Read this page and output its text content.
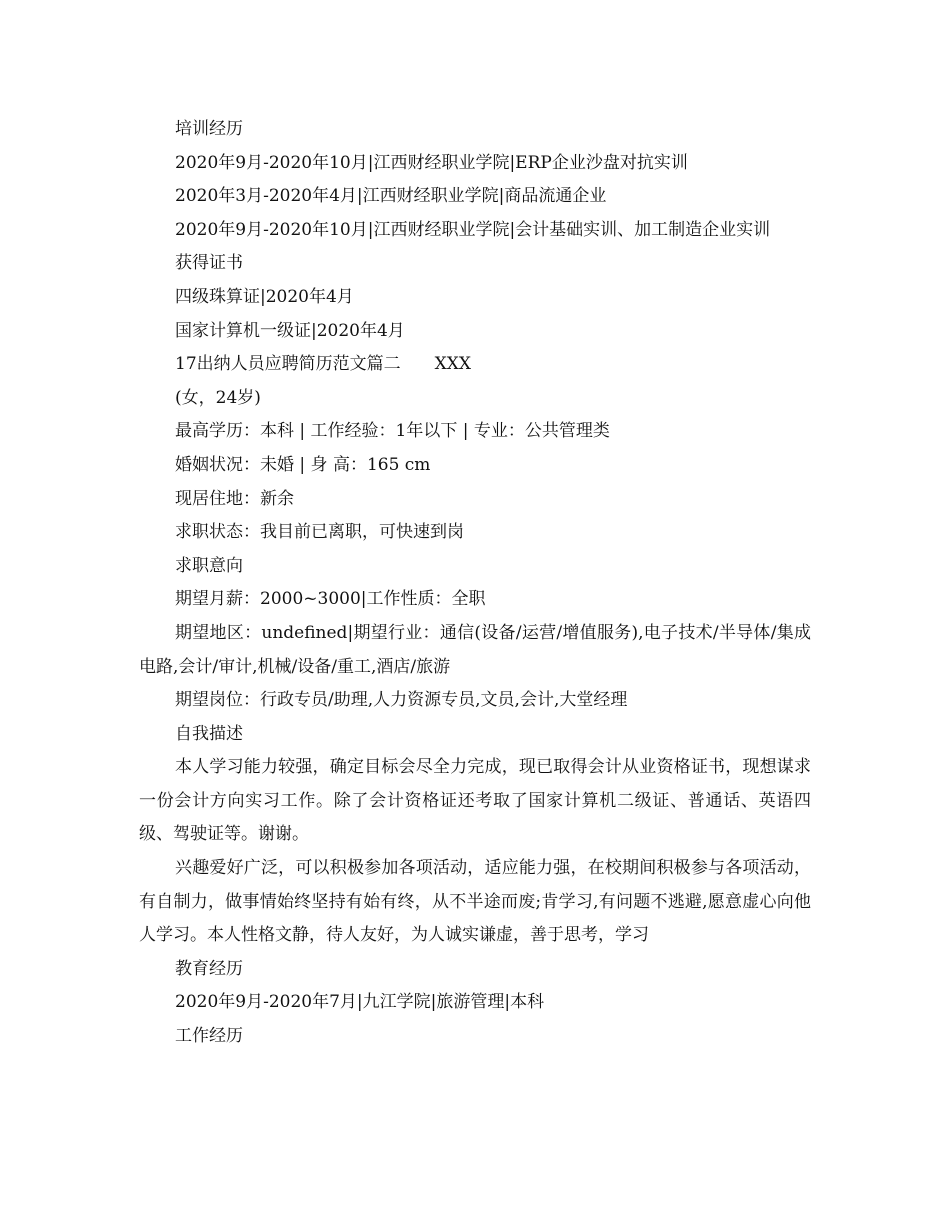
培训经历
2020年9月-2020年10月|江西财经职业学院|ERP企业沙盘对抗实训
2020年3月-2020年4月|江西财经职业学院|商品流通企业

2020年9月-2020年10月|江西财经职业学院|会计基础实训、加工制造企业实训

获得证书
四级珠算证|2020年4月
国家计算机一级证|2020年4月
17出纳人员应聘简历范文篇二 XXX
(女，24岁)
最高学历：本科 | 工作经验：1年以下 | 专业：公共管理类
婚姻状况：未婚 | 身 高：165 cm
现居住地：新余
求职状态：我目前已离职，可快速到岗
求职意向
期望月薪：2000~3000|工作性质：全职

期望地区：undefined|期望行业：通信(设备/运营/增值服务),电子技术/半导体/集成电路,会计/审计,机械/设备/重工,酒店/旅游

期望岗位：行政专员/助理,人力资源专员,文员,会计,大堂经理
自我描述

本人学习能力较强，确定目标会尽全力完成，现已取得会计从业资格证书，现想谋求一份会计方向实习工作。除了会计资格证还考取了国家计算机二级证、普通话、英语四级、驾驶证等。谢谢。

兴趣爱好广泛，可以积极参加各项活动，适应能力强，在校期间积极参与各项活动，有自制力，做事情始终坚持有始有终，从不半途而废;肯学习,有问题不逃避,愿意虚心向他人学习。本人性格文静，待人友好，为人诚实谦虚，善于思考，学习

教育经历
2020年9月-2020年7月|九江学院|旅游管理|本科
工作经历
